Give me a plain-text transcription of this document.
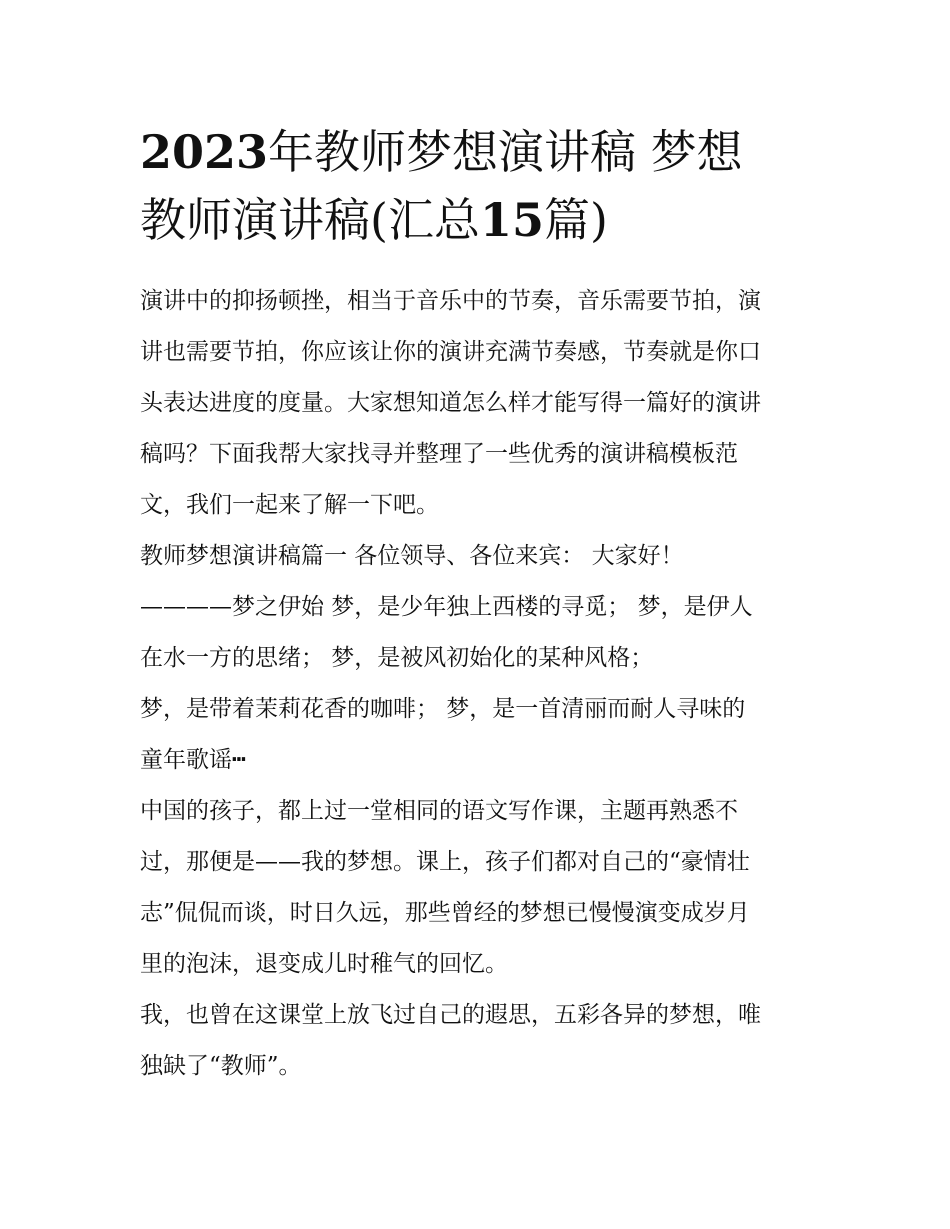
2023年教师梦想演讲稿 梦想
教师演讲稿(汇总15篇)
演讲中的抑扬顿挫，相当于音乐中的节奏，音乐需要节拍，演
讲也需要节拍，你应该让你的演讲充满节奏感，节奏就是你口
头表达进度的度量。大家想知道怎么样才能写得一篇好的演讲
稿吗？下面我帮大家找寻并整理了一些优秀的演讲稿模板范
文，我们一起来了解一下吧。
教师梦想演讲稿篇一 各位领导、各位来宾： 大家好！
————梦之伊始 梦，是少年独上西楼的寻觅； 梦，是伊人
在水一方的思绪； 梦，是被风初始化的某种风格；
梦，是带着茉莉花香的咖啡； 梦，是一首清丽而耐人寻味的
童年歌谣┅
中国的孩子，都上过一堂相同的语文写作课，主题再熟悉不
过，那便是——我的梦想。课上，孩子们都对自己的“豪情壮
志”侃侃而谈，时日久远，那些曾经的梦想已慢慢演变成岁月
里的泡沫，退变成儿时稚气的回忆。
我，也曾在这课堂上放飞过自己的遐思，五彩各异的梦想，唯
独缺了“教师”。
